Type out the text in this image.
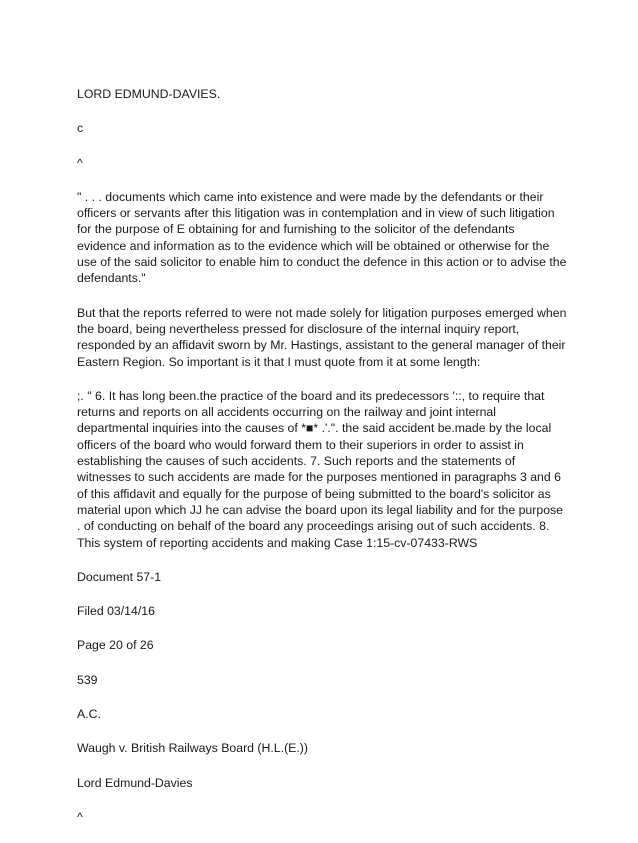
LORD EDMUND-DAVIES.
c
^
" . . . documents which came into existence and were made by the defendants or their officers or servants after this litigation was in contemplation and in view of such litigation for the purpose of E obtaining for and furnishing to the solicitor of the defendants evidence and information as to the evidence which will be obtained or otherwise for the use of the said solicitor to enable him to conduct the defence in this action or to advise the defendants."
But that the reports referred to were not made solely for litigation purposes emerged when the board, being nevertheless pressed for disclosure of the internal inquiry report, responded by an affidavit sworn by Mr. Hastings, assistant to the general manager of their Eastern Region. So important is it that I must quote from it at some length:
;. " 6. It has long been.the practice of the board and its predecessors '::, to require that returns and reports on all accidents occurring on the railway and joint internal departmental inquiries into the causes of *■* .'.". the said accident be.made by the local officers of the board who would forward them to their superiors in order to assist in establishing the causes of such accidents. 7. Such reports and the statements of witnesses to such accidents are made for the purposes mentioned in paragraphs 3 and 6 of this affidavit and equally for the purpose of being submitted to the board's solicitor as material upon which JJ he can advise the board upon its legal liability and for the purpose . of conducting on behalf of the board any proceedings arising out of such accidents. 8. This system of reporting accidents and making Case 1:15-cv-07433-RWS
Document 57-1
Filed 03/14/16
Page 20 of 26
539
A.C.
Waugh v. British Railways Board (H.L.(E.))
Lord Edmund-Davies
^
